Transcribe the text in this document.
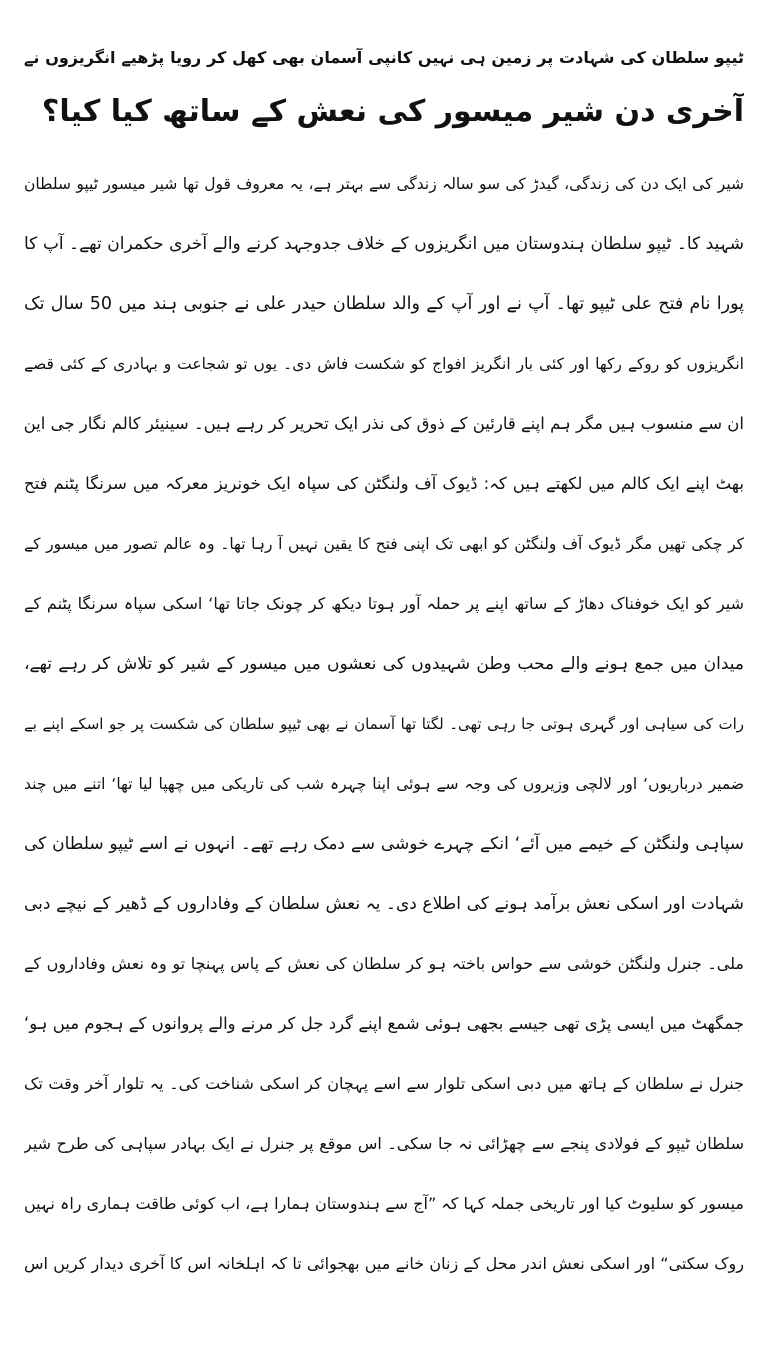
ٹیپو سلطان کی شہادت پر زمین ہی نہیں کانپی آسمان بھی کھل کر رویا پڑھیے انگریزوں نے
آخری دن شیر میسور کی نعش کے ساتھ کیا کیا؟
شیر کی ایک دن کی زندگی، گیدڑ کی سو سالہ زندگی سے بہتر ہے، یہ معروف قول تھا شیر میسور ٹیپو سلطان
شہید کا۔ ٹیپو سلطان ہندوستان میں انگریزوں کے خلاف جدوجہد کرنے والے آخری حکمران تھے۔ آپ کا
پورا نام فتح علی ٹیپو تھا۔ آپ نے اور آپ کے والد سلطان حیدر علی نے جنوبی ہند میں 50 سال تک
انگریزوں کو روکے رکھا اور کئی بار انگریز افواج کو شکست فاش دی۔ یوں تو شجاعت و بہادری کے کئی قصے
ان سے منسوب ہیں مگر ہم اپنے قارئین کے ذوق کی نذر ایک تحریر کر رہے ہیں۔ سینیئر کالم نگار جی این
بھٹ اپنے ایک کالم میں لکھتے ہیں کہ: ڈیوک آف ولنگٹن کی سپاہ ایک خونریز معرکہ میں سرنگا پٹنم فتح
کر چکی تھیں مگر ڈیوک آف ولنگٹن کو ابھی تک اپنی فتح کا یقین نہیں آ رہا تھا۔ وہ عالم تصور میں میسور کے
شیر کو ایک خوفناک دھاڑ کے ساتھ اپنے پر حملہ آور ہوتا دیکھ کر چونک جاتا تھا‘ اسکی سپاہ سرنگا پٹنم کے
میدان میں جمع ہونے والے محب وطن شہیدوں کی نعشوں میں میسور کے شیر کو تلاش کر رہے تھے،
رات کی سیاہی اور گہری ہوتی جا رہی تھی۔ لگتا تھا آسمان نے بھی ٹیپو سلطان کی شکست پر جو اسکے اپنے بے
ضمیر درباریوں‘ اور لالچی وزیروں کی وجہ سے ہوئی اپنا چہرہ شب کی تاریکی میں چھپا لیا تھا‘ اتنے میں چند
سپاہی ولنگٹن کے خیمے میں آئے‘ انکے چہرے خوشی سے دمک رہے تھے۔ انہوں نے اسے ٹیپو سلطان کی
شہادت اور اسکی نعش برآمد ہونے کی اطلاع دی۔ یہ نعش سلطان کے وفاداروں کے ڈھیر کے نیچے دبی
ملی۔ جنرل ولنگٹن خوشی سے حواس باختہ ہو کر سلطان کی نعش کے پاس پہنچا تو وہ نعش وفاداروں کے
جمگھٹ میں ایسی پڑی تھی جیسے بجھی ہوئی شمع اپنے گرد جل کر مرنے والے پروانوں کے ہجوم میں ہو‘
جنرل نے سلطان کے ہاتھ میں دبی اسکی تلوار سے اسے پہچان کر اسکی شناخت کی۔ یہ تلوار آخر وقت تک
سلطان ٹیپو کے فولادی پنجے سے چھڑائی نہ جا سکی۔ اس موقع پر جنرل نے ایک بہادر سپاہی کی طرح شیر
میسور کو سلیوٹ کیا اور تاریخی جملہ کہا کہ ”آج سے ہندوستان ہمارا ہے، اب کوئی طاقت ہماری راہ نہیں
روک سکتی“ اور اسکی نعش اندر محل کے زنان خانے میں بھجوائی تا کہ اہلخانہ اس کا آخری دیدار کریں اس
